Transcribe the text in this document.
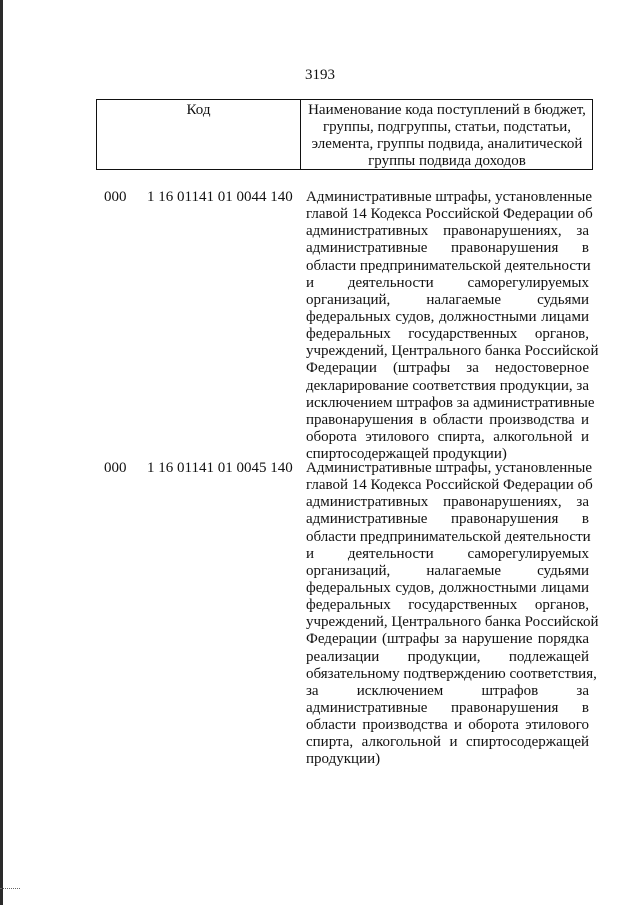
3193
Код	Наименование кода поступлений в бюджет,
группы, подгруппы, статьи, подстатьи,
элемента, группы подвида, аналитической
группы подвида доходов
000 1 16 01141 01 0044 140 Административные штрафы, установленные
главой 14 Кодекса Российской Федерации об
административных правонарушениях, за
административные правонарушения в
области предпринимательской деятельности
и деятельности саморегулируемых
организаций, налагаемые судьями
федеральных судов, должностными лицами
федеральных государственных органов,
учреждений, Центрального банка Российской
Федерации (штрафы за недостоверное
декларирование соответствия продукции, за
исключением штрафов за административные
правонарушения в области производства и
оборота этилового спирта, алкогольной и
спиртосодержащей продукции)
000 1 16 01141 01 0045 140 Административные штрафы, установленные
главой 14 Кодекса Российской Федерации об
административных правонарушениях, за
административные правонарушения в
области предпринимательской деятельности
и деятельности саморегулируемых
организаций, налагаемые судьями
федеральных судов, должностными лицами
федеральных государственных органов,
учреждений, Центрального банка Российской
Федерации (штрафы за нарушение порядка
реализации продукции, подлежащей
обязательному подтверждению соответствия,
за исключением штрафов за
административные правонарушения в
области производства и оборота этилового
спирта, алкогольной и спиртосодержащей
продукции)
